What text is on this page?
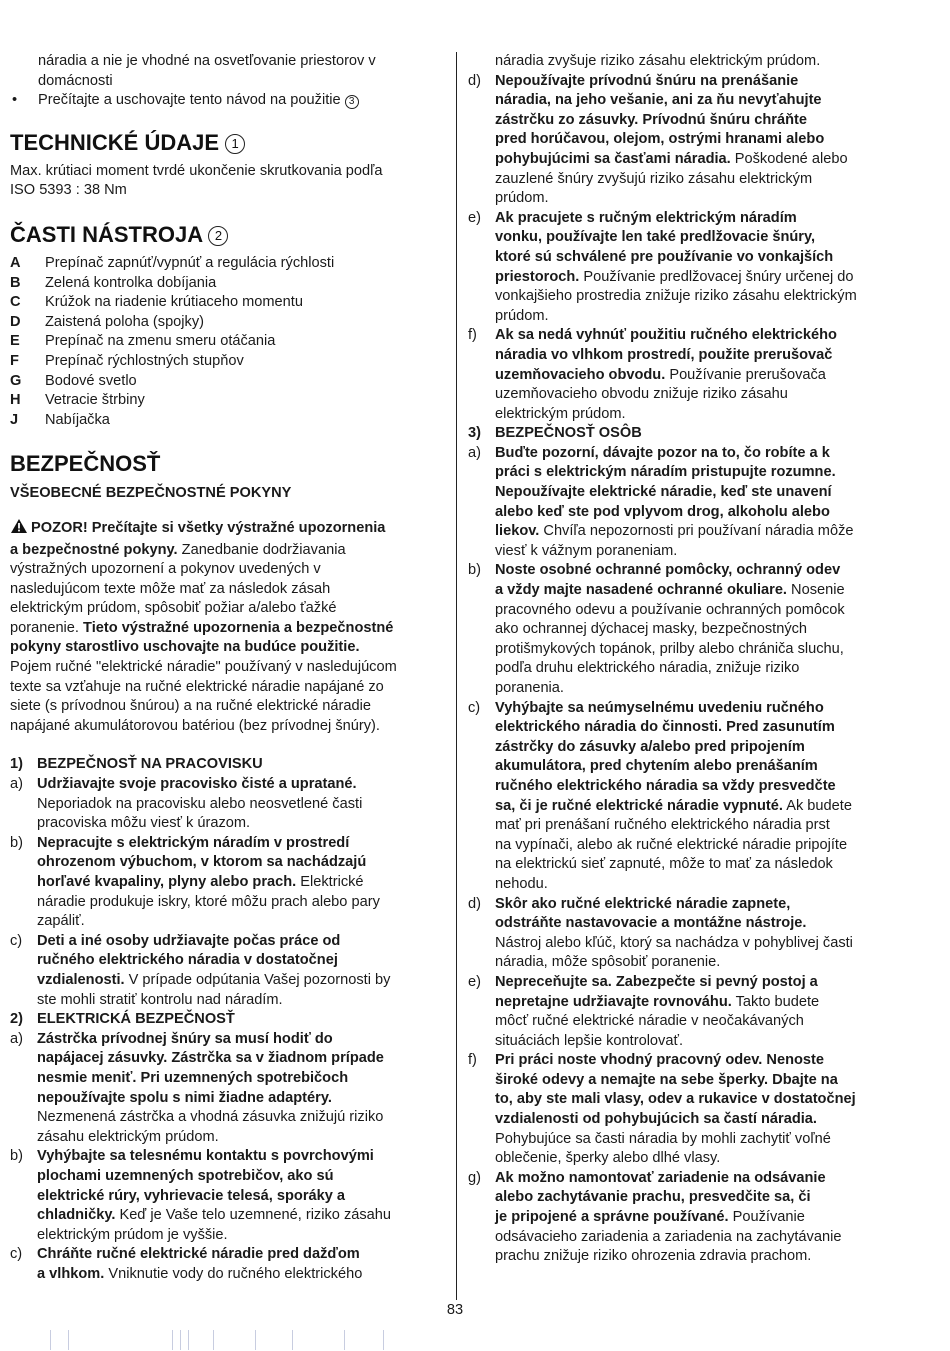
náradia a nie je vhodné na osvetľovanie priestorov v

domácnosti

•	Prečítajte a uschovajte tento návod na použitie 3
TECHNICKÉ ÚDAJE 1

Max. krútiaci moment tvrdé ukončenie skrutkovania podľa

ISO 5393 : 38 Nm

ČASTI NÁSTROJA 2
A	Prepínač zapnúť/vypnúť a regulácia rýchlosti
B	Zelená kontrolka dobíjania
C	Krúžok na riadenie krútiaceho momentu
D	Zaistená poloha (spojky)
E	Prepínač na zmenu smeru otáčania
F	Prepínač rýchlostných stupňov
G	Bodové svetlo
H	Vetracie štrbiny
J	Nabíjačka
BEZPEČNOSŤ

VŠEOBECNÉ BEZPEČNOSTNÉ POKYNY

POZOR! Prečítajte si všetky výstražné upozornenia

a bezpečnostné pokyny. Zanedbanie dodržiavania

výstražných upozornení a pokynov uvedených v

nasledujúcom texte môže mať za následok zásah

elektrickým prúdom, spôsobiť požiar a/alebo ťažké

poranenie. Tieto výstražné upozornenia a bezpečnostné

pokyny starostlivo uschovajte na budúce použitie.

Pojem ručné "elektrické náradie" používaný v nasledujúcom

texte sa vzťahuje na ručné elektrické náradie napájané zo

siete (s prívodnou šnúrou) a na ručné elektrické náradie

napájané akumulátorovou batériou (bez prívodnej šnúry).

1) BEZPEČNOSŤ NA PRACOVISKU
a) Udržiavajte svoje pracovisko čisté a upratané.

Neporiadok na pracovisku alebo neosvetlené časti

pracoviska môžu viesť k úrazom.

b) Nepracujte s elektrickým náradím v prostredí

ohrozenom výbuchom, v ktorom sa nachádzajú

horľavé kvapaliny, plyny alebo prach. Elektrické

náradie produkuje iskry, ktoré môžu prach alebo pary

zapáliť.

c)	Deti a iné osoby udržiavajte počas práce od

ručného elektrického náradia v dostatočnej

vzdialenosti. V prípade odpútania Vašej pozornosti by

ste mohli stratiť kontrolu nad náradím.

2) ELEKTRICKÁ BEZPEČNOSŤ
a) Zástrčka prívodnej šnúry sa musí hodiť do

napájacej zásuvky. Zástrčka sa v žiadnom prípade

nesmie meniť. Pri uzemnených spotrebičoch

nepoužívajte spolu s nimi žiadne adaptéry.

Nezmenená zástrčka a vhodná zásuvka znižujú riziko

zásahu elektrickým prúdom.

b) Vyhýbajte sa telesnému kontaktu s povrchovými

plochami uzemnených spotrebičov, ako sú

elektrické rúry, vyhrievacie telesá, sporáky a

chladničky. Keď je Vaše telo uzemnené, riziko zásahu

elektrickým prúdom je vyššie.

c)	Chráňte ručné elektrické náradie pred dažďom

a vlhkom. Vniknutie vody do ručného elektrického

náradia zvyšuje riziko zásahu elektrickým prúdom.

d) Nepoužívajte prívodnú šnúru na prenášanie

náradia, na jeho vešanie, ani za ňu nevyťahujte

zástrčku zo zásuvky. Prívodnú šnúru chráňte

pred horúčavou, olejom, ostrými hranami alebo

pohybujúcimi sa časťami náradia. Poškodené alebo

zauzlené šnúry zvyšujú riziko zásahu elektrickým

prúdom.

e) Ak pracujete s ručným elektrickým náradím

vonku, používajte len také predlžovacie šnúry,

ktoré sú schválené pre používanie vo vonkajších

priestoroch. Používanie predlžovacej šnúry určenej do

vonkajšieho prostredia znižuje riziko zásahu elektrickým

prúdom.

f)	Ak sa nedá vyhnúť použitiu ručného elektrického

náradia vo vlhkom prostredí, použite prerušovač

uzemňovacieho obvodu. Používanie prerušovača

uzemňovacieho obvodu znižuje riziko zásahu

elektrickým prúdom.

3) BEZPEČNOSŤ OSÔB
a) Buďte pozorní, dávajte pozor na to, čo robíte a k

práci s elektrickým náradím pristupujte rozumne.

Nepoužívajte elektrické náradie, keď ste unavení

alebo keď ste pod vplyvom drog, alkoholu alebo

liekov. Chvíľa nepozornosti pri používaní náradia môže

viesť k vážnym poraneniam.

b) Noste osobné ochranné pomôcky, ochranný odev

a vždy majte nasadené ochranné okuliare. Nosenie

pracovného odevu a používanie ochranných pomôcok

ako ochrannej dýchacej masky, bezpečnostných

protišmykových topánok, prilby alebo chrániča sluchu,

podľa druhu elektrického náradia, znižuje riziko

poranenia.

c)	Vyhýbajte sa neúmyselnému uvedeniu ručného

elektrického náradia do činnosti. Pred zasunutím

zástrčky do zásuvky a/alebo pred pripojením

akumulátora, pred chytením alebo prenášaním

ručného elektrického náradia sa vždy presvedčte

sa, či je ručné elektrické náradie vypnuté. Ak budete

mať pri prenášaní ručného elektrického náradia prst

na vypínači, alebo ak ručné elektrické náradie pripojíte

na elektrickú sieť zapnuté, môže to mať za následok

nehodu.

d) Skôr ako ručné elektrické náradie zapnete,

odstráňte nastavovacie a montážne nástroje.

Nástroj alebo kľúč, ktorý sa nachádza v pohyblivej časti

náradia, môže spôsobiť poranenie.

e) Nepreceňujte sa. Zabezpečte si pevný postoj a

nepretajne udržiavajte rovnováhu. Takto budete

môcť ručné elektrické náradie v neočakávaných

situáciách lepšie kontrolovať.

f)	Pri práci noste vhodný pracovný odev. Nenoste

široké odevy a nemajte na sebe šperky. Dbajte na

to, aby ste mali vlasy, odev a rukavice v dostatočnej

vzdialenosti od pohybujúcich sa častí náradia.

Pohybujúce sa časti náradia by mohli zachytiť voľné

oblečenie, šperky alebo dlhé vlasy.

g) Ak možno namontovať zariadenie na odsávanie

alebo zachytávanie prachu, presvedčite sa, či

je pripojené a správne používané. Používanie

odsávacieho zariadenia a zariadenia na zachytávanie

prachu znižuje riziko ohrozenia zdravia prachom.

83
